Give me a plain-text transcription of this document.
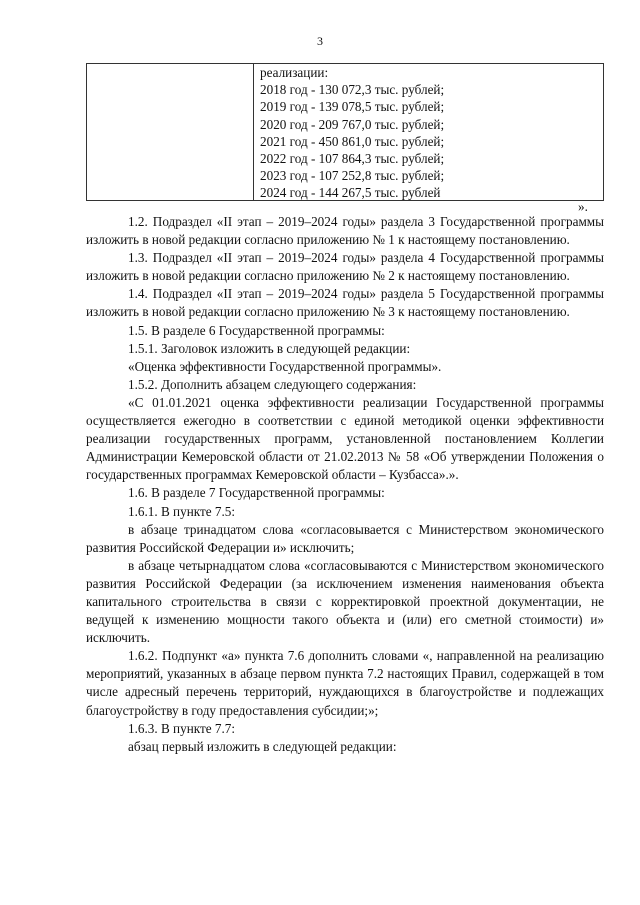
3
реализации:
2018 год - 130 072,3 тыс. рублей;
2019 год - 139 078,5 тыс. рублей;
2020 год - 209 767,0 тыс. рублей;
2021 год - 450 861,0 тыс. рублей;
2022 год - 107 864,3 тыс. рублей;
2023 год - 107 252,8 тыс. рублей;
2024 год - 144 267,5 тыс. рублей
».

1.2. Подраздел «II этап – 2019–2024 годы» раздела 3 Государственной программы изложить в новой редакции согласно приложению № 1 к настоящему постановлению.

1.3. Подраздел «II этап – 2019–2024 годы» раздела 4 Государственной программы изложить в новой редакции согласно приложению № 2 к настоящему постановлению.

1.4. Подраздел «II этап – 2019–2024 годы» раздела 5 Государственной программы изложить в новой редакции согласно приложению № 3 к настоящему постановлению.

1.5. В разделе 6 Государственной программы:

1.5.1. Заголовок изложить в следующей редакции:

«Оценка эффективности Государственной программы».

1.5.2. Дополнить абзацем следующего содержания:

«С 01.01.2021 оценка эффективности реализации Государственной программы осуществляется ежегодно в соответствии с единой методикой оценки эффективности реализации государственных программ, установленной постановлением Коллегии Администрации Кемеровской области от 21.02.2013 № 58 «Об утверждении Положения о государственных программах Кемеровской области – Кузбасса».».

1.6. В разделе 7 Государственной программы:

1.6.1. В пункте 7.5:

в абзаце тринадцатом слова «согласовывается с Министерством экономического развития Российской Федерации и» исключить;

в абзаце четырнадцатом слова «согласовываются с Министерством экономического развития Российской Федерации (за исключением изменения наименования объекта капитального строительства в связи с корректировкой проектной документации, не ведущей к изменению мощности такого объекта и (или) его сметной стоимости) и» исключить.

1.6.2. Подпункт «а» пункта 7.6 дополнить словами «, направленной на реализацию мероприятий, указанных в абзаце первом пункта 7.2 настоящих Правил, содержащей в том числе адресный перечень территорий, нуждающихся в благоустройстве и подлежащих благоустройству в году предоставления субсидии;»;

1.6.3. В пункте 7.7:

абзац первый изложить в следующей редакции:
